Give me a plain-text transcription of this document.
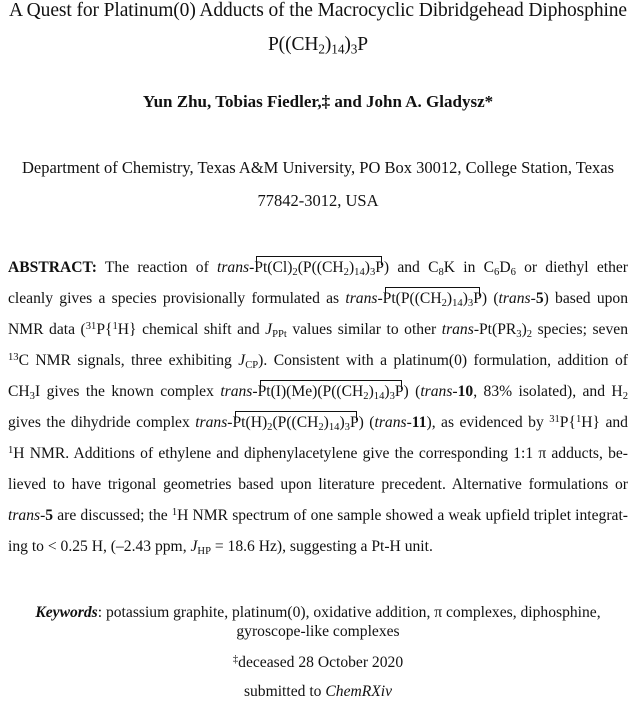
A Quest for Platinum(0) Adducts of the Macrocyclic Dibridgehead Diphosphine
$P((CH_2)_{14})_3P$
Yun Zhu, Tobias Fiedler,‡ and John A. Gladysz*
Department of Chemistry, Texas A&M University, PO Box 30012, College Station, Texas
77842-3012, USA
ABSTRACT: The reaction of trans-$Pt(Cl)_2(P((CH_2)_{14})_3P)$ and $C_8K$ in $C_6D_6$ or diethyl ether
cleanly gives a species provisionally formulated as trans-$Pt(P((CH_2)_{14})_3P)$ (trans-5) based upon
NMR data ($^{31}$P{$^1$H} chemical shift and $J_{PPt}$ values similar to other trans-$Pt(PR_3)_2$ species; seven
$^{13}$C NMR signals, three exhibiting $J_{CP}$). Consistent with a platinum(0) formulation, addition of
$CH_3I$ gives the known complex trans-$Pt(I)(Me)(P((CH_2)_{14})_3P)$ (trans-10, 83% isolated), and $H_2$
gives the dihydride complex trans-$Pt(H)_2(P((CH_2)_{14})_3P)$ (trans-11), as evidenced by $^{31}$P{$^1$H} and
$^1$H NMR. Additions of ethylene and diphenylacetylene give the corresponding 1:1 π adducts, be-
lieved to have trigonal geometries based upon literature precedent. Alternative formulations or
trans-5 are discussed; the $^1$H NMR spectrum of one sample showed a weak upfield triplet integrat-
ing to < 0.25 H, (–2.43 ppm, $J_{HP} = 18.6$ Hz), suggesting a Pt-H unit.
Keywords: potassium graphite, platinum(0), oxidative addition, π complexes, diphosphine,
gyroscope-like complexes
‡deceased 28 October 2020
submitted to ChemRXiv
